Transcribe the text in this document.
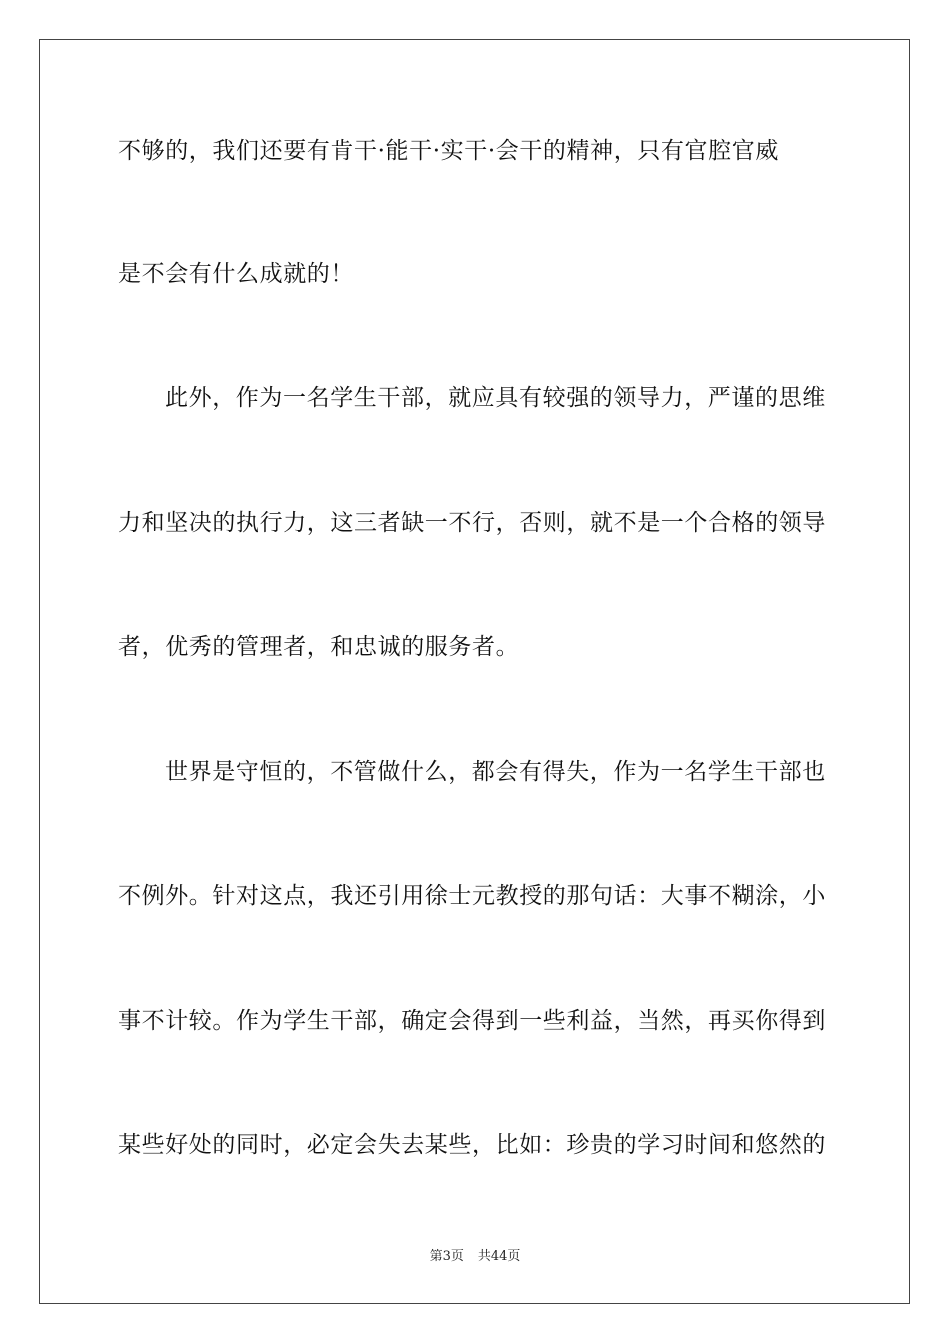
不够的，我们还要有肯干·能干·实干·会干的精神，只有官腔官威
是不会有什么成就的！
此外，作为一名学生干部，就应具有较强的领导力，严谨的思维
力和坚决的执行力，这三者缺一不行，否则，就不是一个合格的领导
者，优秀的管理者，和忠诚的服务者。
世界是守恒的，不管做什么，都会有得失，作为一名学生干部也
不例外。针对这点，我还引用徐士元教授的那句话：大事不糊涂，小
事不计较。作为学生干部，确定会得到一些利益，当然，再买你得到
某些好处的同时，必定会失去某些，比如：珍贵的学习时间和悠然的
第3页 共44页
